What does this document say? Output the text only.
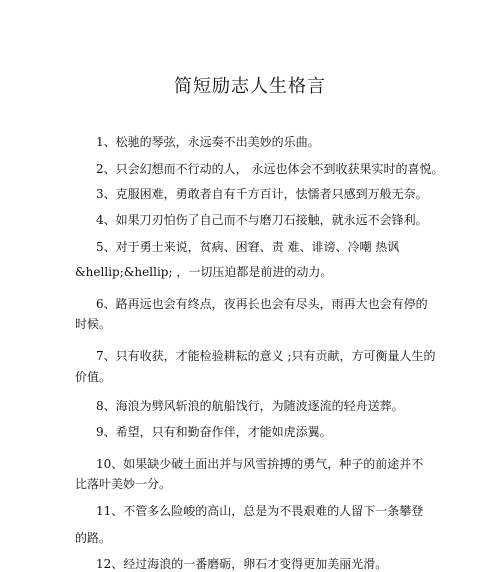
简短励志人生格言
1、松驰的琴弦，永远奏不出美妙的乐曲。
2、只会幻想而不行动的人， 永远也体会不到收获果实时的喜悦。
3、克服困难，勇敢者自有千方百计，怯懦者只感到万般无奈。
4、如果刀刃怕伤了自己而不与磨刀石接触，就永远不会锋利。
5、对于勇士来说，贫病、困窘、责 难、诽谤、冷嘲 热讽
&hellip;&hellip; ，一切压迫都是前进的动力。
6、路再远也会有终点，夜再长也会有尽头，雨再大也会有停的
时候。
7、只有收获，才能检验耕耘的意义 ;只有贡献，方可衡量人生的
价值。
8、海浪为劈风斩浪的航船饯行，为随波逐流的轻舟送葬。
9、希望，只有和勤奋作伴，才能如虎添翼。
10、如果缺少破土面出并与风雪拚搏的勇气，种子的前途并不
比落叶美妙一分。
11、不管多么险峻的高山，总是为不畏艰难的人留下一条攀登
的路。
12、经过海浪的一番磨砺，卵石才变得更加美丽光滑。
